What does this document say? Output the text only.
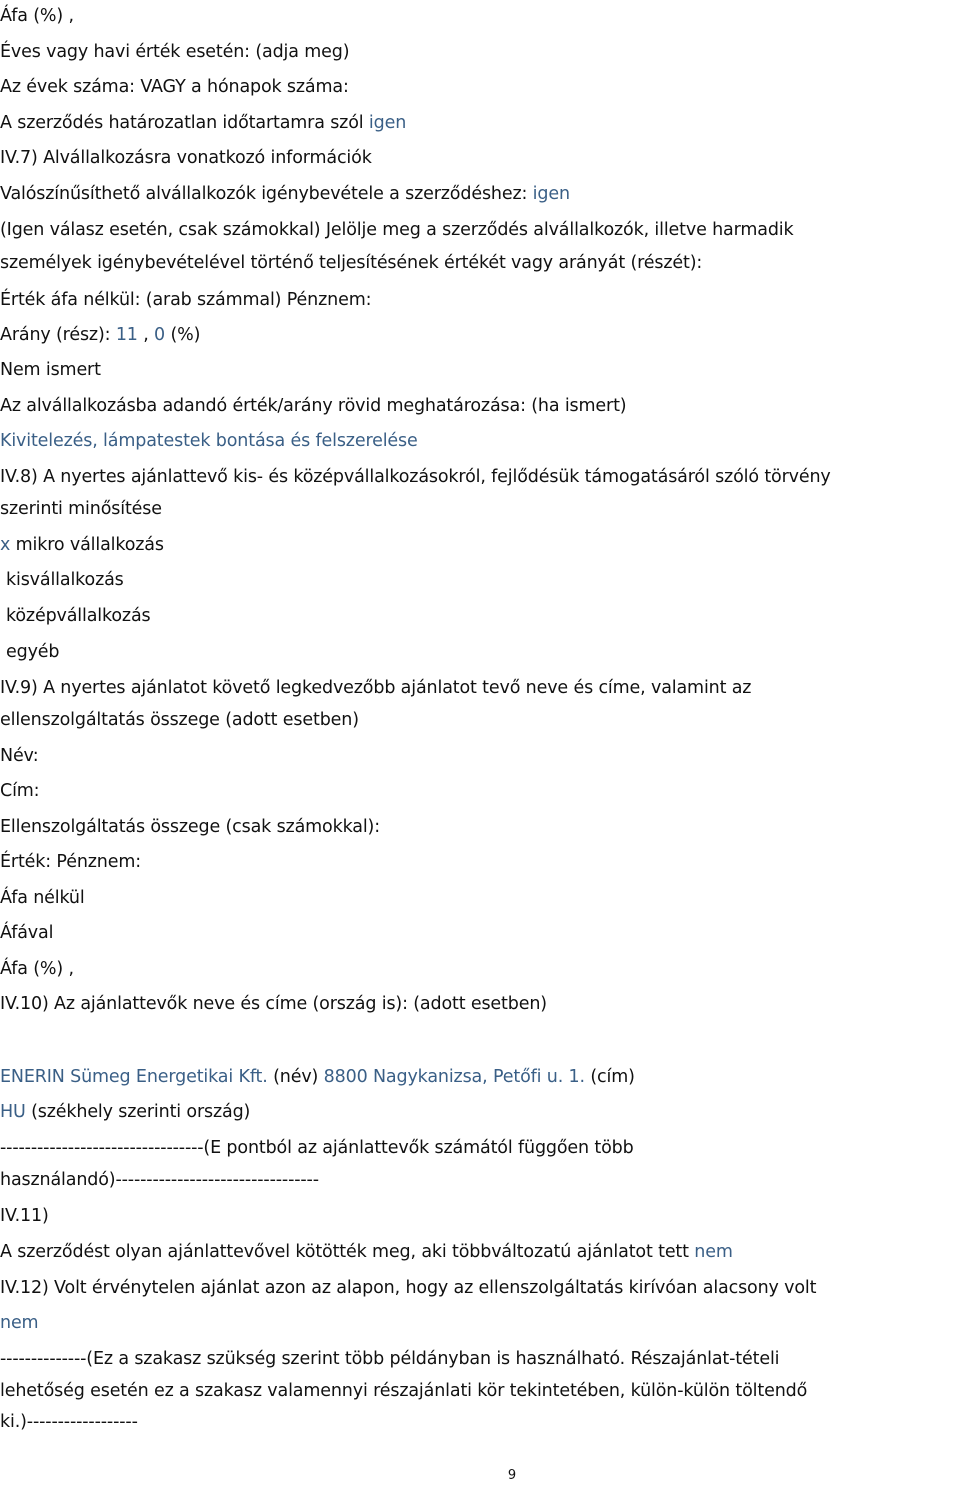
Áfa (%) ,

Éves vagy havi érték esetén: (adja meg)

Az évek száma: VAGY a hónapok száma:

A szerződés határozatlan időtartamra szól igen

IV.7) Alvállalkozásra vonatkozó információk

Valószínűsíthető alvállalkozók igénybevétele a szerződéshez: igen

(Igen válasz esetén, csak számokkal) Jelölje meg a szerződés alvállalkozók, illetve harmadik

személyek igénybevételével történő teljesítésének értékét vagy arányát (részét):

Érték áfa nélkül: (arab számmal) Pénznem:

Arány (rész): 11 , 0 (%)

Nem ismert

Az alvállalkozásba adandó érték/arány rövid meghatározása: (ha ismert)

Kivitelezés, lámpatestek bontása és felszerelése

IV.8) A nyertes ajánlattevő kis- és középvállalkozásokról, fejlődésük támogatásáról szóló törvény

szerinti minősítése

x mikro vállalkozás

kisvállalkozás

középvállalkozás

egyéb

IV.9) A nyertes ajánlatot követő legkedvezőbb ajánlatot tevő neve és címe, valamint az

ellenszolgáltatás összege (adott esetben)

Név:

Cím:

Ellenszolgáltatás összege (csak számokkal):

Érték: Pénznem:

Áfa nélkül

Áfával

Áfa (%) ,

IV.10) Az ajánlattevők neve és címe (ország is): (adott esetben)

ENERIN Sümeg Energetikai Kft. (név) 8800 Nagykanizsa, Petőfi u. 1. (cím)

HU (székhely szerinti ország)

---------------------------------(E pontból az ajánlattevők számától függően több

használandó)---------------------------------

IV.11)

A szerződést olyan ajánlattevővel kötötték meg, aki többváltozatú ajánlatot tett nem

IV.12) Volt érvénytelen ajánlat azon az alapon, hogy az ellenszolgáltatás kirívóan alacsony volt

nem

--------------(Ez a szakasz szükség szerint több példányban is használható. Részajánlat-tételi

lehetőség esetén ez a szakasz valamennyi részajánlati kör tekintetében, külön-külön töltendő

ki.)------------------

9
